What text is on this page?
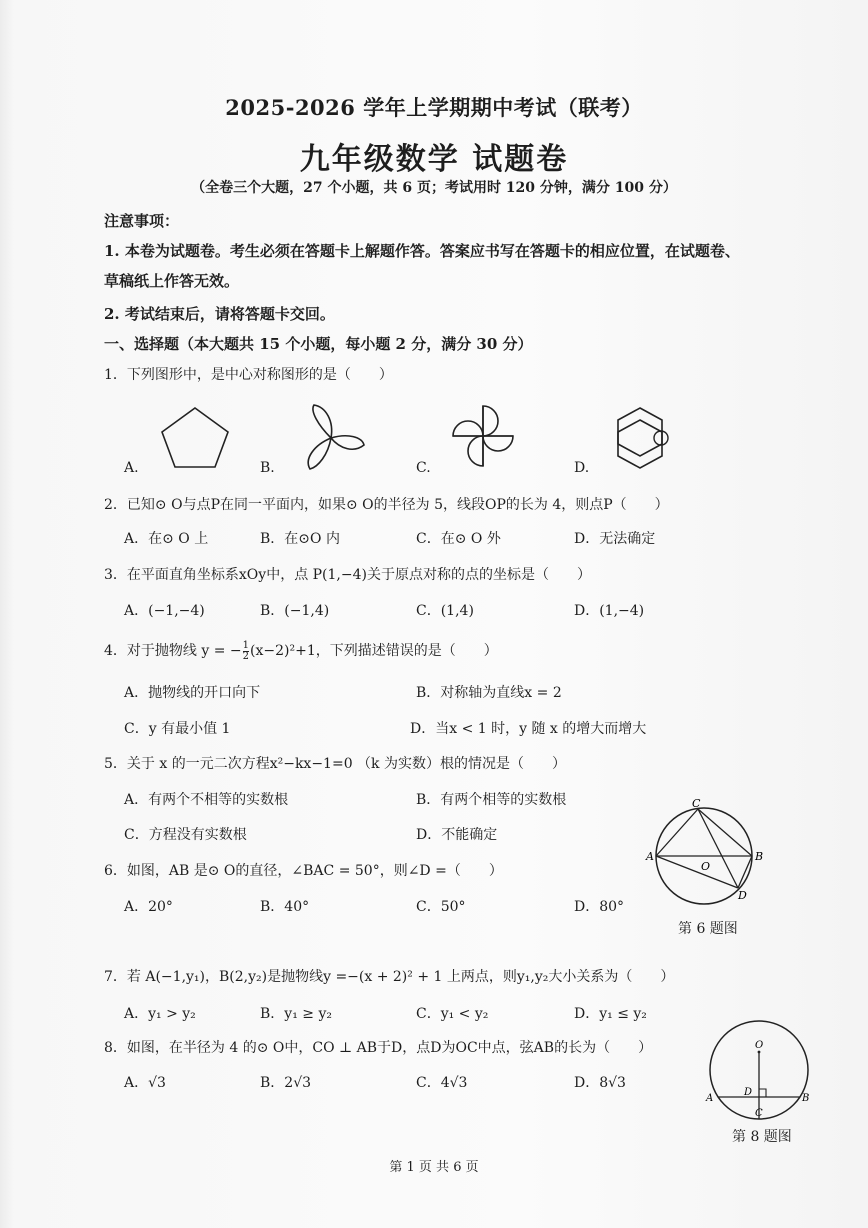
2025-2026 学年上学期期中考试（联考）
九年级数学 试题卷
（全卷三个大题，27 个小题，共 6 页；考试用时 120 分钟，满分 100 分）
注意事项：
1. 本卷为试题卷。考生必须在答题卡上解题作答。答案应书写在答题卡的相应位置，在试题卷、
草稿纸上作答无效。
2. 考试结束后，请将答题卡交回。
一、选择题（本大题共 15 个小题，每小题 2 分，满分 30 分）
1．下列图形中，是中心对称图形的是（　　）
A.	B.	C.	D.
2．已知⊙ O与点P在同一平面内，如果⊙ O的半径为 5，线段OP的长为 4，则点P（　　）
A．在⊙ O 上	B．在⊙O 内	C．在⊙ O 外	D．无法确定
3．在平面直角坐标系xOy中，点 P(1,−4)关于原点对称的点的坐标是（　　）
A．(−1,−4)	B．(−1,4)	C．(1,4)	D．(1,−4)
4．对于抛物线 y = − $\frac{1}{2} (x-2)^2+1$，下列描述错误的是（　　）
A．抛物线的开口向下	B．对称轴为直线x = 2
C．y 有最小值 1	D．当x < 1 时，y 随 x 的增大而增大
5．关于 x 的一元二次方程x²−kx−1=0 （k 为实数）根的情况是（　　）
A．有两个不相等的实数根	B．有两个相等的实数根
C．方程没有实数根	D．不能确定
C
A	B
O
D
第 6 题图
6．如图，AB 是⊙ O的直径，∠BAC = 50°，则∠D =（　　）
A．20°	B．40°	C．50°	D．80°
7．若 A(−1,y₁)，B(2,y₂)是抛物线y =−(x + 2)² + 1 上两点，则y₁,y₂大小关系为（　　）
A．y₁ > y₂	B．y₁ ≥ y₂	C．y₁ < y₂	D．y₁ ≤ y₂
O
A	B
D
C
第 8 题图
8．如图，在半径为 4 的⊙ O中，CO ⊥ AB于D，点D为OC中点，弦AB的长为（　　）
A．√3	B．2√3	C．4√3	D．8√3
第 1 页 共 6 页
